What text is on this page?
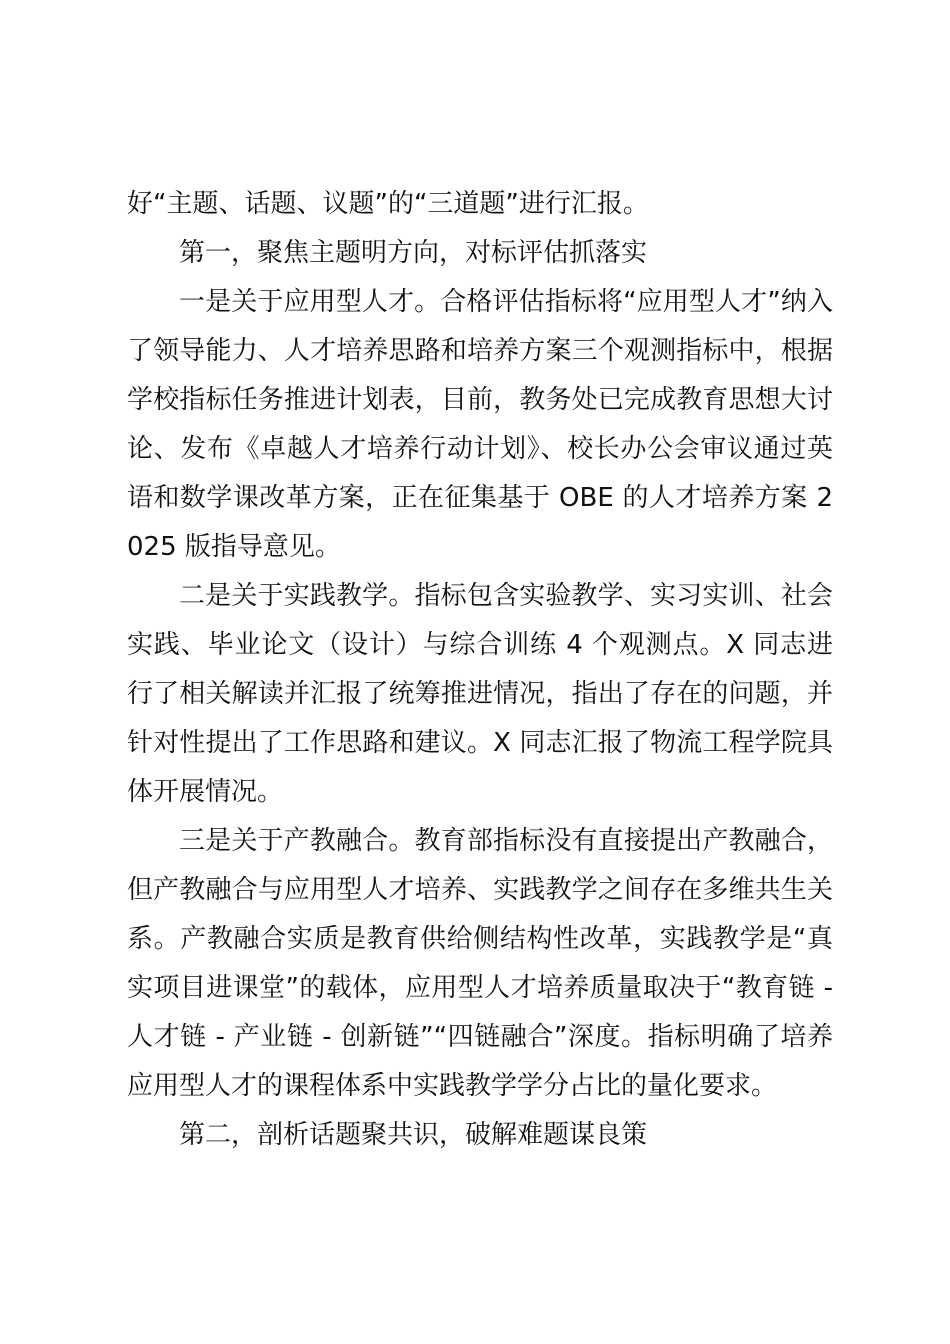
好“主题、话题、议题”的“三道题”进行汇报。

第一，聚焦主题明方向，对标评估抓落实

一是关于应用型人才。合格评估指标将“应用型人才”纳入了领导能力、人才培养思路和培养方案三个观测指标中，根据学校指标任务推进计划表，目前，教务处已完成教育思想大讨论、发布《卓越人才培养行动计划》、校长办公会审议通过英语和数学课改革方案，正在征集基于 OBE 的人才培养方案 2025 版指导意见。

二是关于实践教学。指标包含实验教学、实习实训、社会实践、毕业论文（设计）与综合训练 4 个观测点。X 同志进行了相关解读并汇报了统筹推进情况，指出了存在的问题，并针对性提出了工作思路和建议。X 同志汇报了物流工程学院具体开展情况。

三是关于产教融合。教育部指标没有直接提出产教融合，但产教融合与应用型人才培养、实践教学之间存在多维共生关系。产教融合实质是教育供给侧结构性改革，实践教学是“真实项目进课堂”的载体，应用型人才培养质量取决于“教育链 - 人才链 - 产业链 - 创新链”“四链融合”深度。指标明确了培养应用型人才的课程体系中实践教学学分占比的量化要求。

第二，剖析话题聚共识，破解难题谋良策
